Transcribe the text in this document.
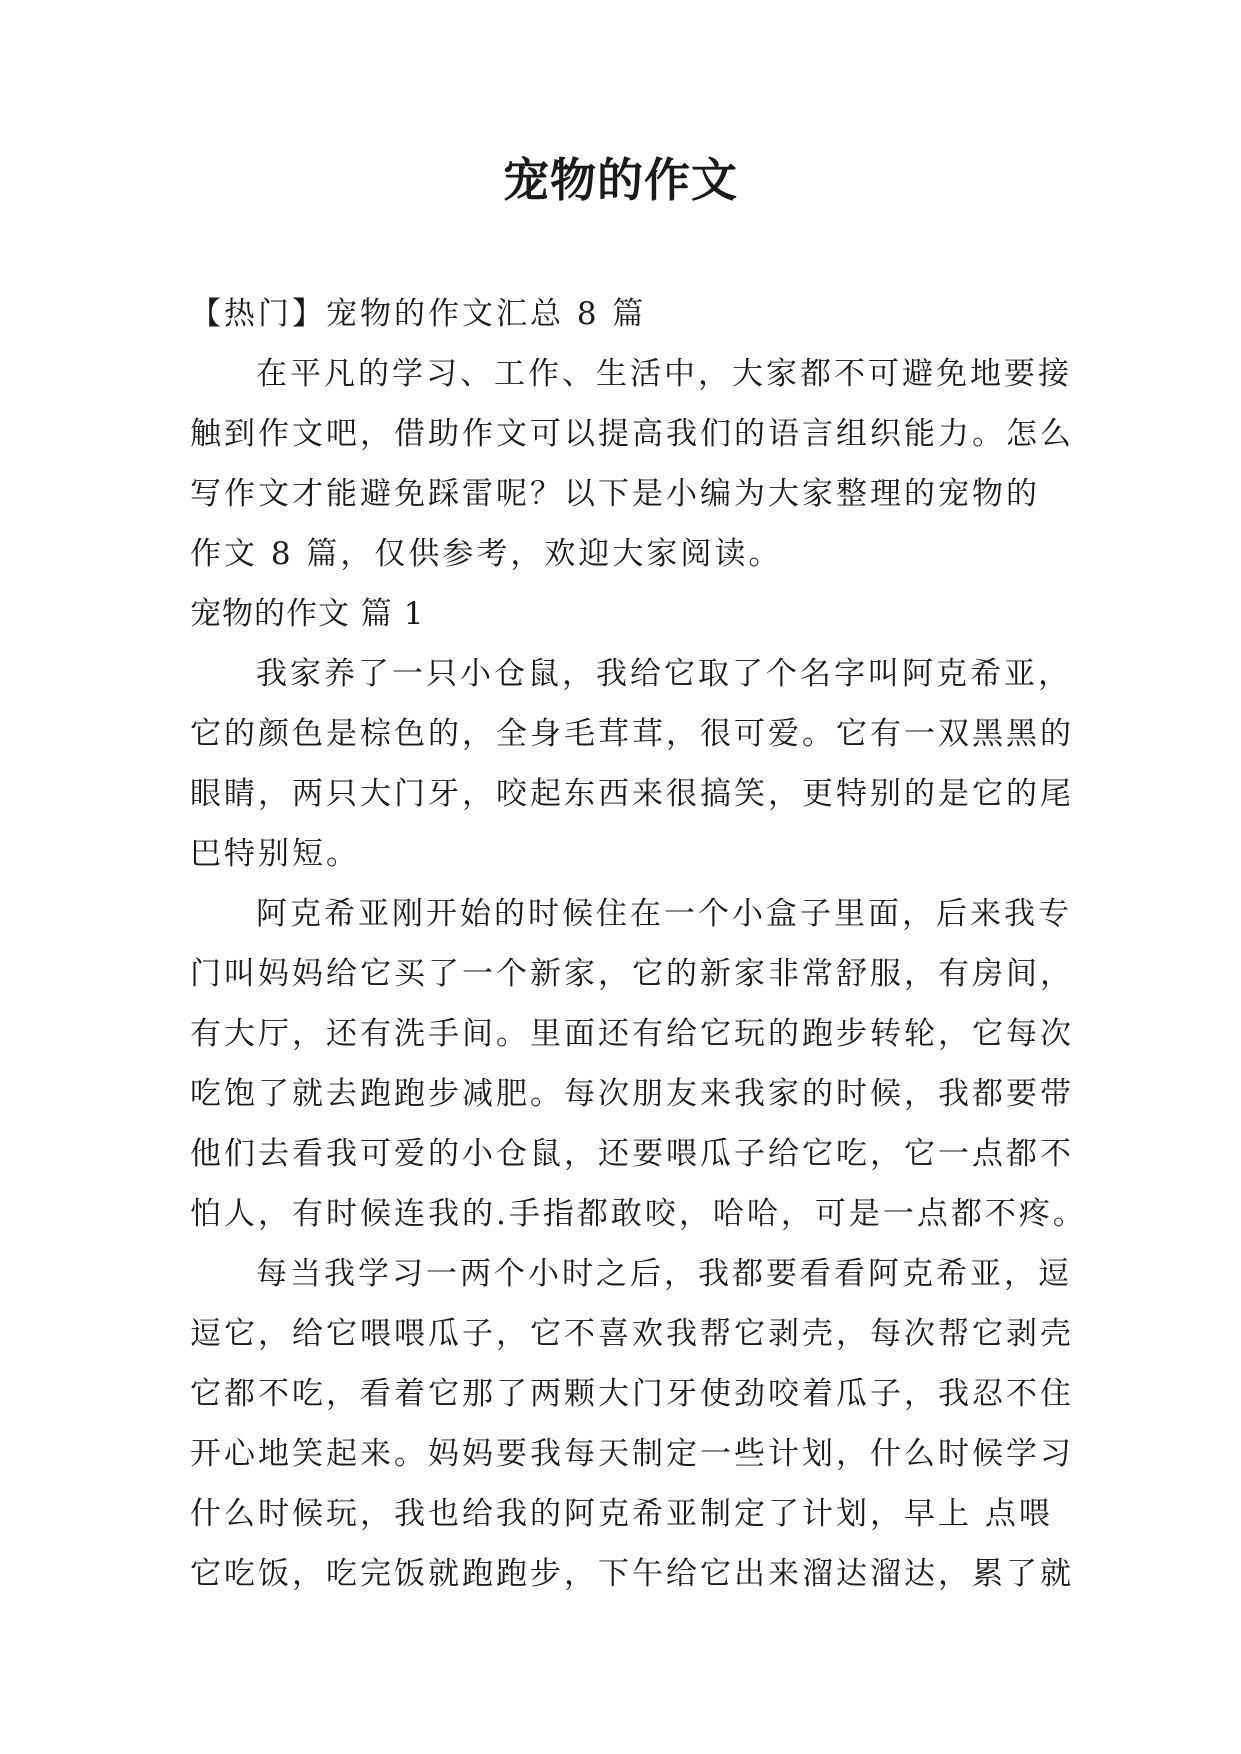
宠物的作文
【热门】宠物的作文汇总 8 篇
在平凡的学习、工作、生活中，大家都不可避免地要接
触到作文吧，借助作文可以提高我们的语言组织能力。怎么
写作文才能避免踩雷呢？以下是小编为大家整理的宠物的
作文 8 篇，仅供参考，欢迎大家阅读。
宠物的作文 篇 1
我家养了一只小仓鼠，我给它取了个名字叫阿克希亚，
它的颜色是棕色的，全身毛茸茸，很可爱。它有一双黑黑的
眼睛，两只大门牙，咬起东西来很搞笑，更特别的是它的尾
巴特别短。
阿克希亚刚开始的时候住在一个小盒子里面，后来我专
门叫妈妈给它买了一个新家，它的新家非常舒服，有房间，
有大厅，还有洗手间。里面还有给它玩的跑步转轮，它每次
吃饱了就去跑跑步减肥。每次朋友来我家的时候，我都要带
他们去看我可爱的小仓鼠，还要喂瓜子给它吃，它一点都不
怕人，有时候连我的.手指都敢咬，哈哈，可是一点都不疼。
每当我学习一两个小时之后，我都要看看阿克希亚，逗
逗它，给它喂喂瓜子，它不喜欢我帮它剥壳，每次帮它剥壳
它都不吃，看着它那了两颗大门牙使劲咬着瓜子，我忍不住
开心地笑起来。妈妈要我每天制定一些计划，什么时候学习
什么时候玩，我也给我的阿克希亚制定了计划，早上 点喂
它吃饭，吃完饭就跑跑步，下午给它出来溜达溜达，累了就
